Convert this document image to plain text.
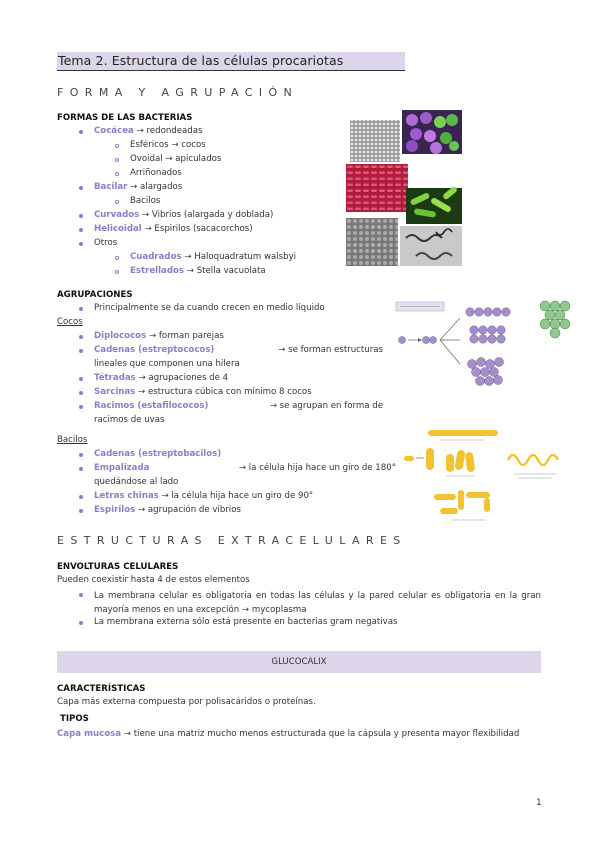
Tema 2. Estructura de las células procariotas
FORMA Y AGRUPACIÓN
FORMAS DE LAS BACTERIAS
Cocácea → redondeadas
Esféricos → cocos
Ovoidal → apiculados
Arriñonados
Bacilar → alargados
Bacilos
Curvados → Vibrios (alargada y doblada)
Helicoidal → Espirilos (sacacorchos)
Otros
Cuadrados → Haloquadratum walsbyi
Estrellados → Stella vacuolata
AGRUPACIONES
Principalmente se da cuando crecen en medio líquido
Cocos
Diplococos → forman parejas
Cadenas (estreptococos)	→ se forman estructuras
lineales que componen una hilera
Tétradas → agrupaciones de 4
Sarcinas → estructura cúbica con mínimo 8 cocos
Racimos (estafilococos)	→ se agrupan en forma de
racimos de uvas
Bacilos
Cadenas (estreptobacilos)
Empalizada	→ la célula hija hace un giro de 180°
quedándose al lado
Letras chinas → la célula hija hace un giro de 90°
Espirilos → agrupación de vibrios
ESTRUCTURAS EXTRACELULARES
ENVOLTURAS CELULARES
Pueden coexistir hasta 4 de estos elementos
La membrana celular es obligatoria en todas las células y la pared celular es obligatoria en la gran mayoría menos en una excepción → mycoplasma
La membrana externa sólo está presente en bacterias gram negativas
GLUCOCALIX
CARACTERÍSTICAS
Capa más externa compuesta por polisacáridos o proteínas.
TIPOS
Capa mucosa → tiene una matriz mucho menos estructurada que la cápsula y presenta mayor flexibilidad
1
